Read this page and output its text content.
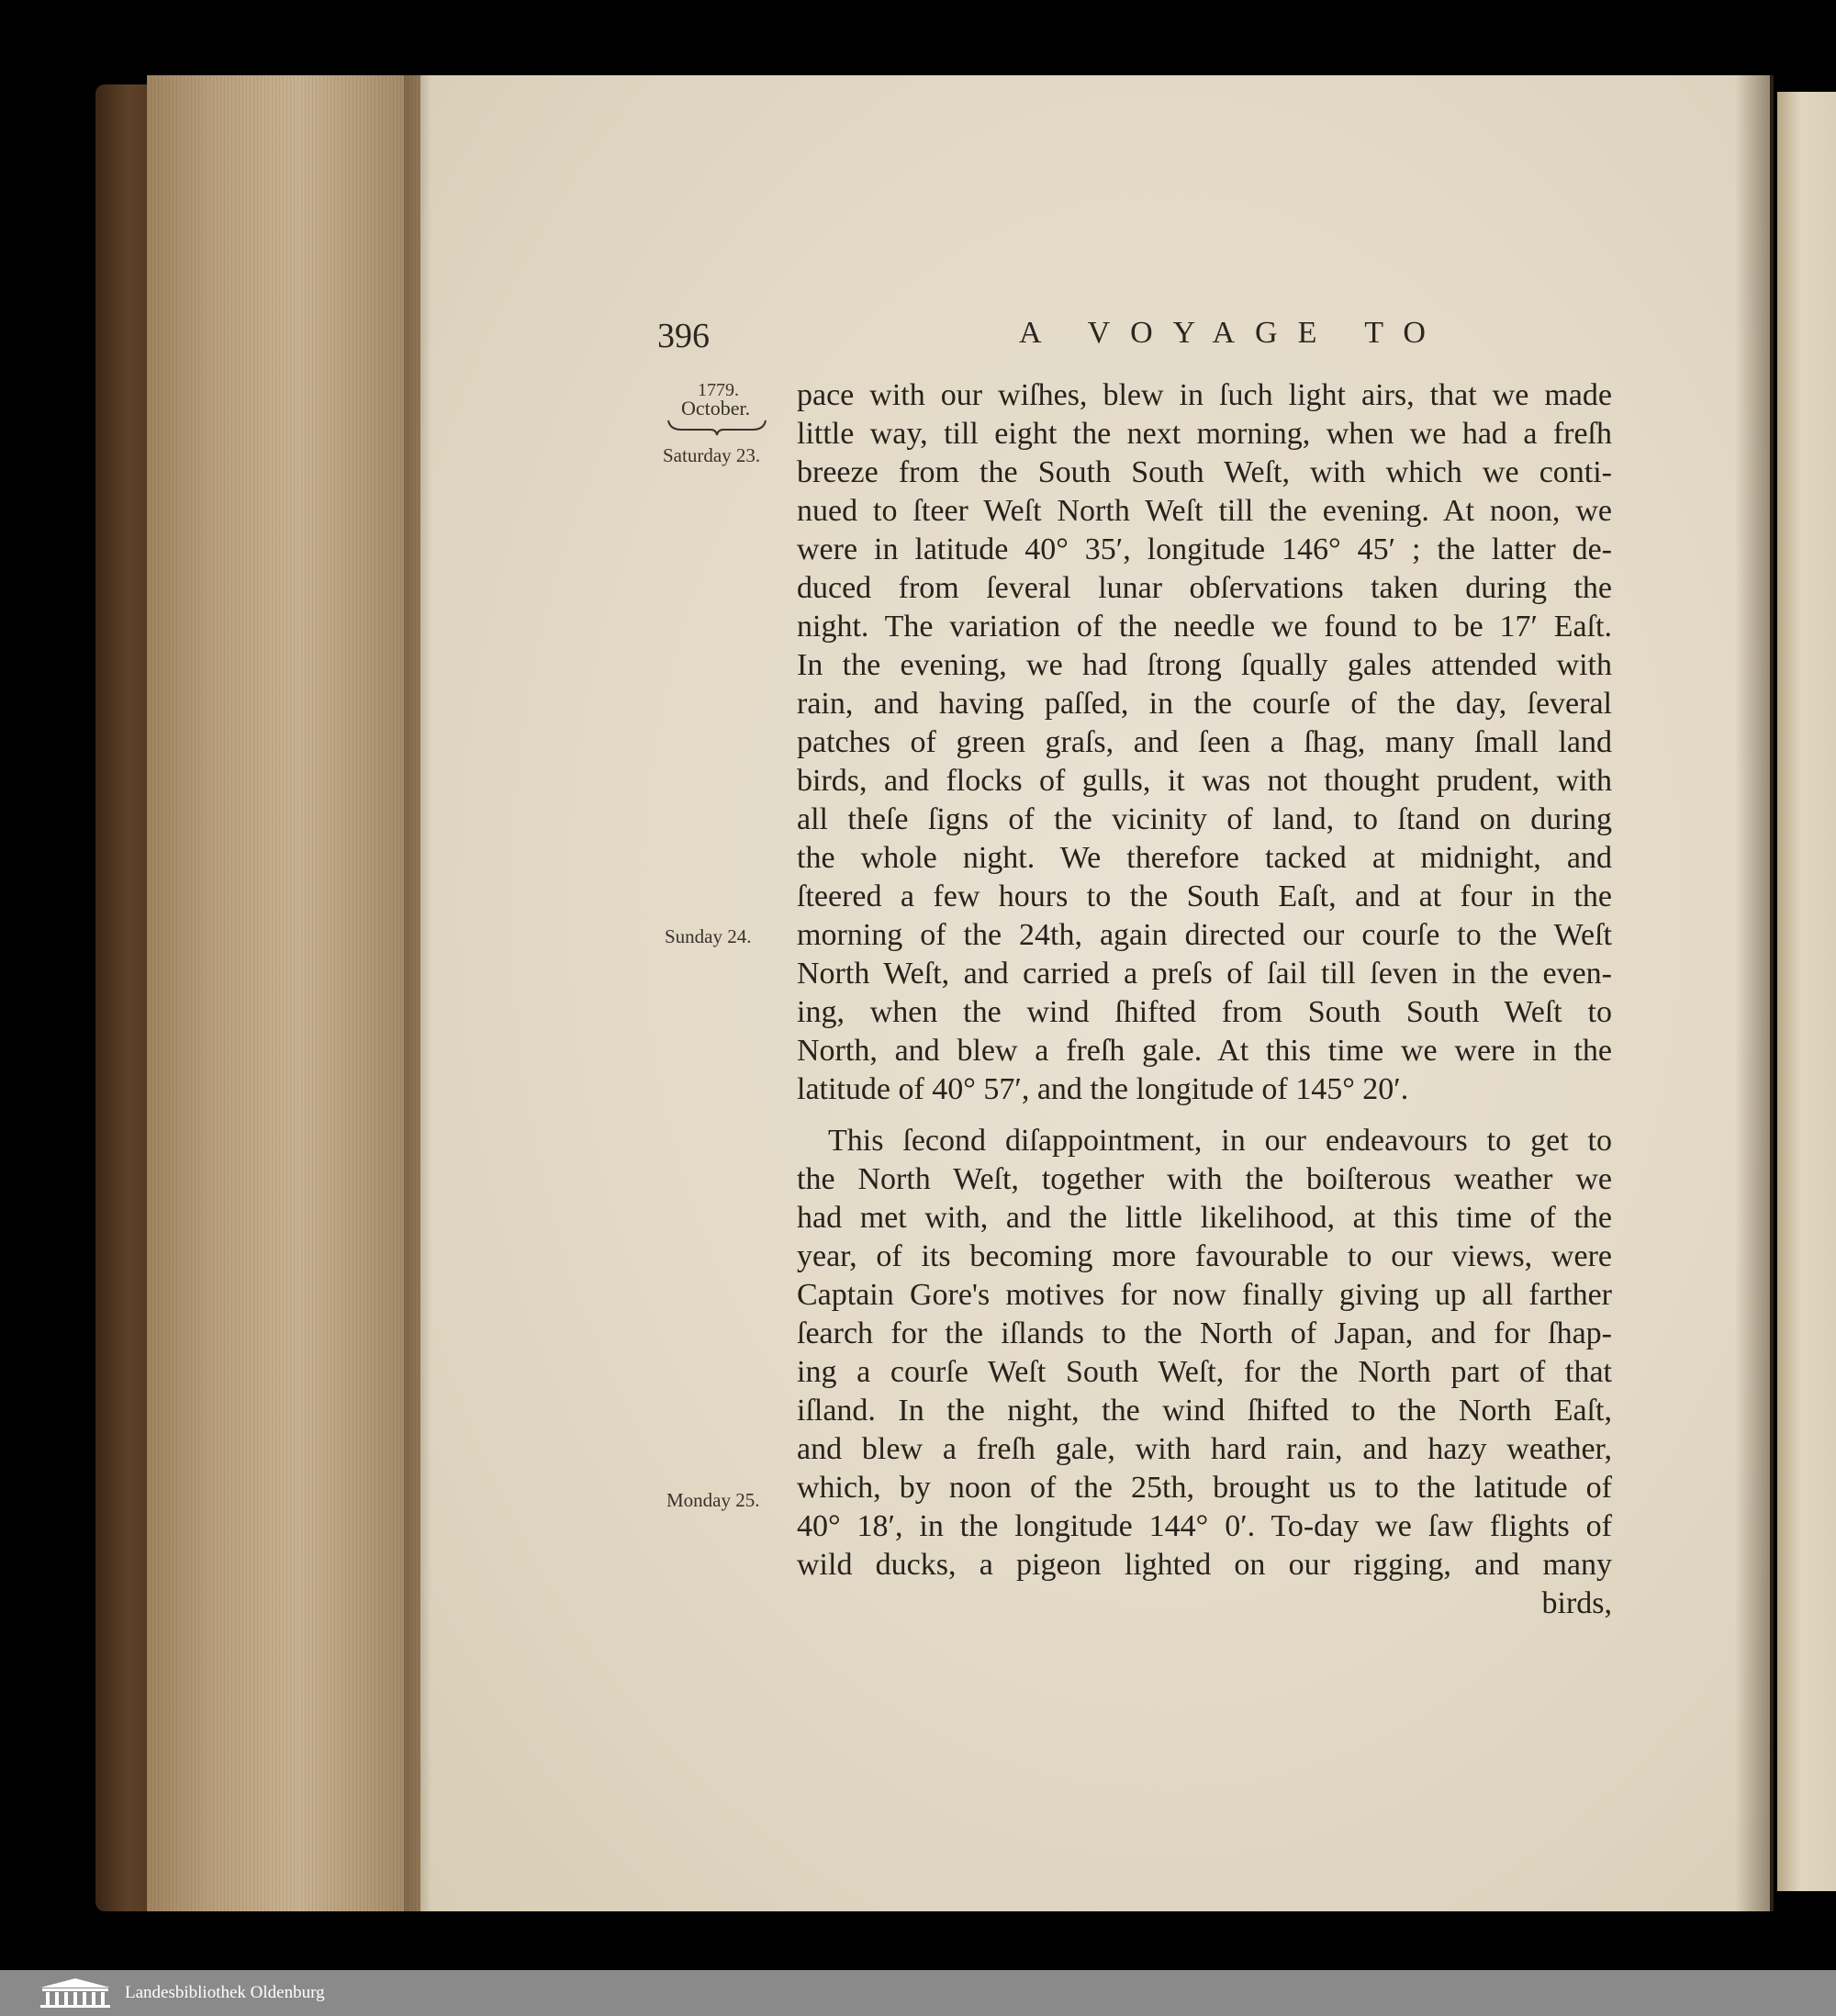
396	A VOYAGE TO
1779.
October.
Saturday 23.
Sunday 24.
Monday 25.
pace with our wiſhes, blew in ſuch light airs, that we made
little way, till eight the next morning, when we had a freſh
breeze from the South South Weſt, with which we conti-
nued to ſteer Weſt North Weſt till the evening. At noon, we
were in latitude 40° 35′, longitude 146° 45′ ; the latter de-
duced from ſeveral lunar obſervations taken during the
night. The variation of the needle we found to be 17′ Eaſt.
In the evening, we had ſtrong ſqually gales attended with
rain, and having paſſed, in the courſe of the day, ſeveral
patches of green graſs, and ſeen a ſhag, many ſmall land
birds, and flocks of gulls, it was not thought prudent, with
all theſe ſigns of the vicinity of land, to ſtand on during
the whole night. We therefore tacked at midnight, and
ſteered a few hours to the South Eaſt, and at four in the
morning of the 24th, again directed our courſe to the Weſt
North Weſt, and carried a preſs of ſail till ſeven in the even-
ing, when the wind ſhifted from South South Weſt to
North, and blew a freſh gale. At this time we were in the
latitude of 40° 57′, and the longitude of 145° 20′.
This ſecond diſappointment, in our endeavours to get to
the North Weſt, together with the boiſterous weather we
had met with, and the little likelihood, at this time of the
year, of its becoming more favourable to our views, were
Captain Gore's motives for now finally giving up all farther
ſearch for the iſlands to the North of Japan, and for ſhap-
ing a courſe Weſt South Weſt, for the North part of that
iſland. In the night, the wind ſhifted to the North Eaſt,
and blew a freſh gale, with hard rain, and hazy weather,
which, by noon of the 25th, brought us to the latitude of
40° 18′, in the longitude 144° 0′. To-day we ſaw flights of
wild ducks, a pigeon lighted on our rigging, and many
birds,
Landesbibliothek Oldenburg
